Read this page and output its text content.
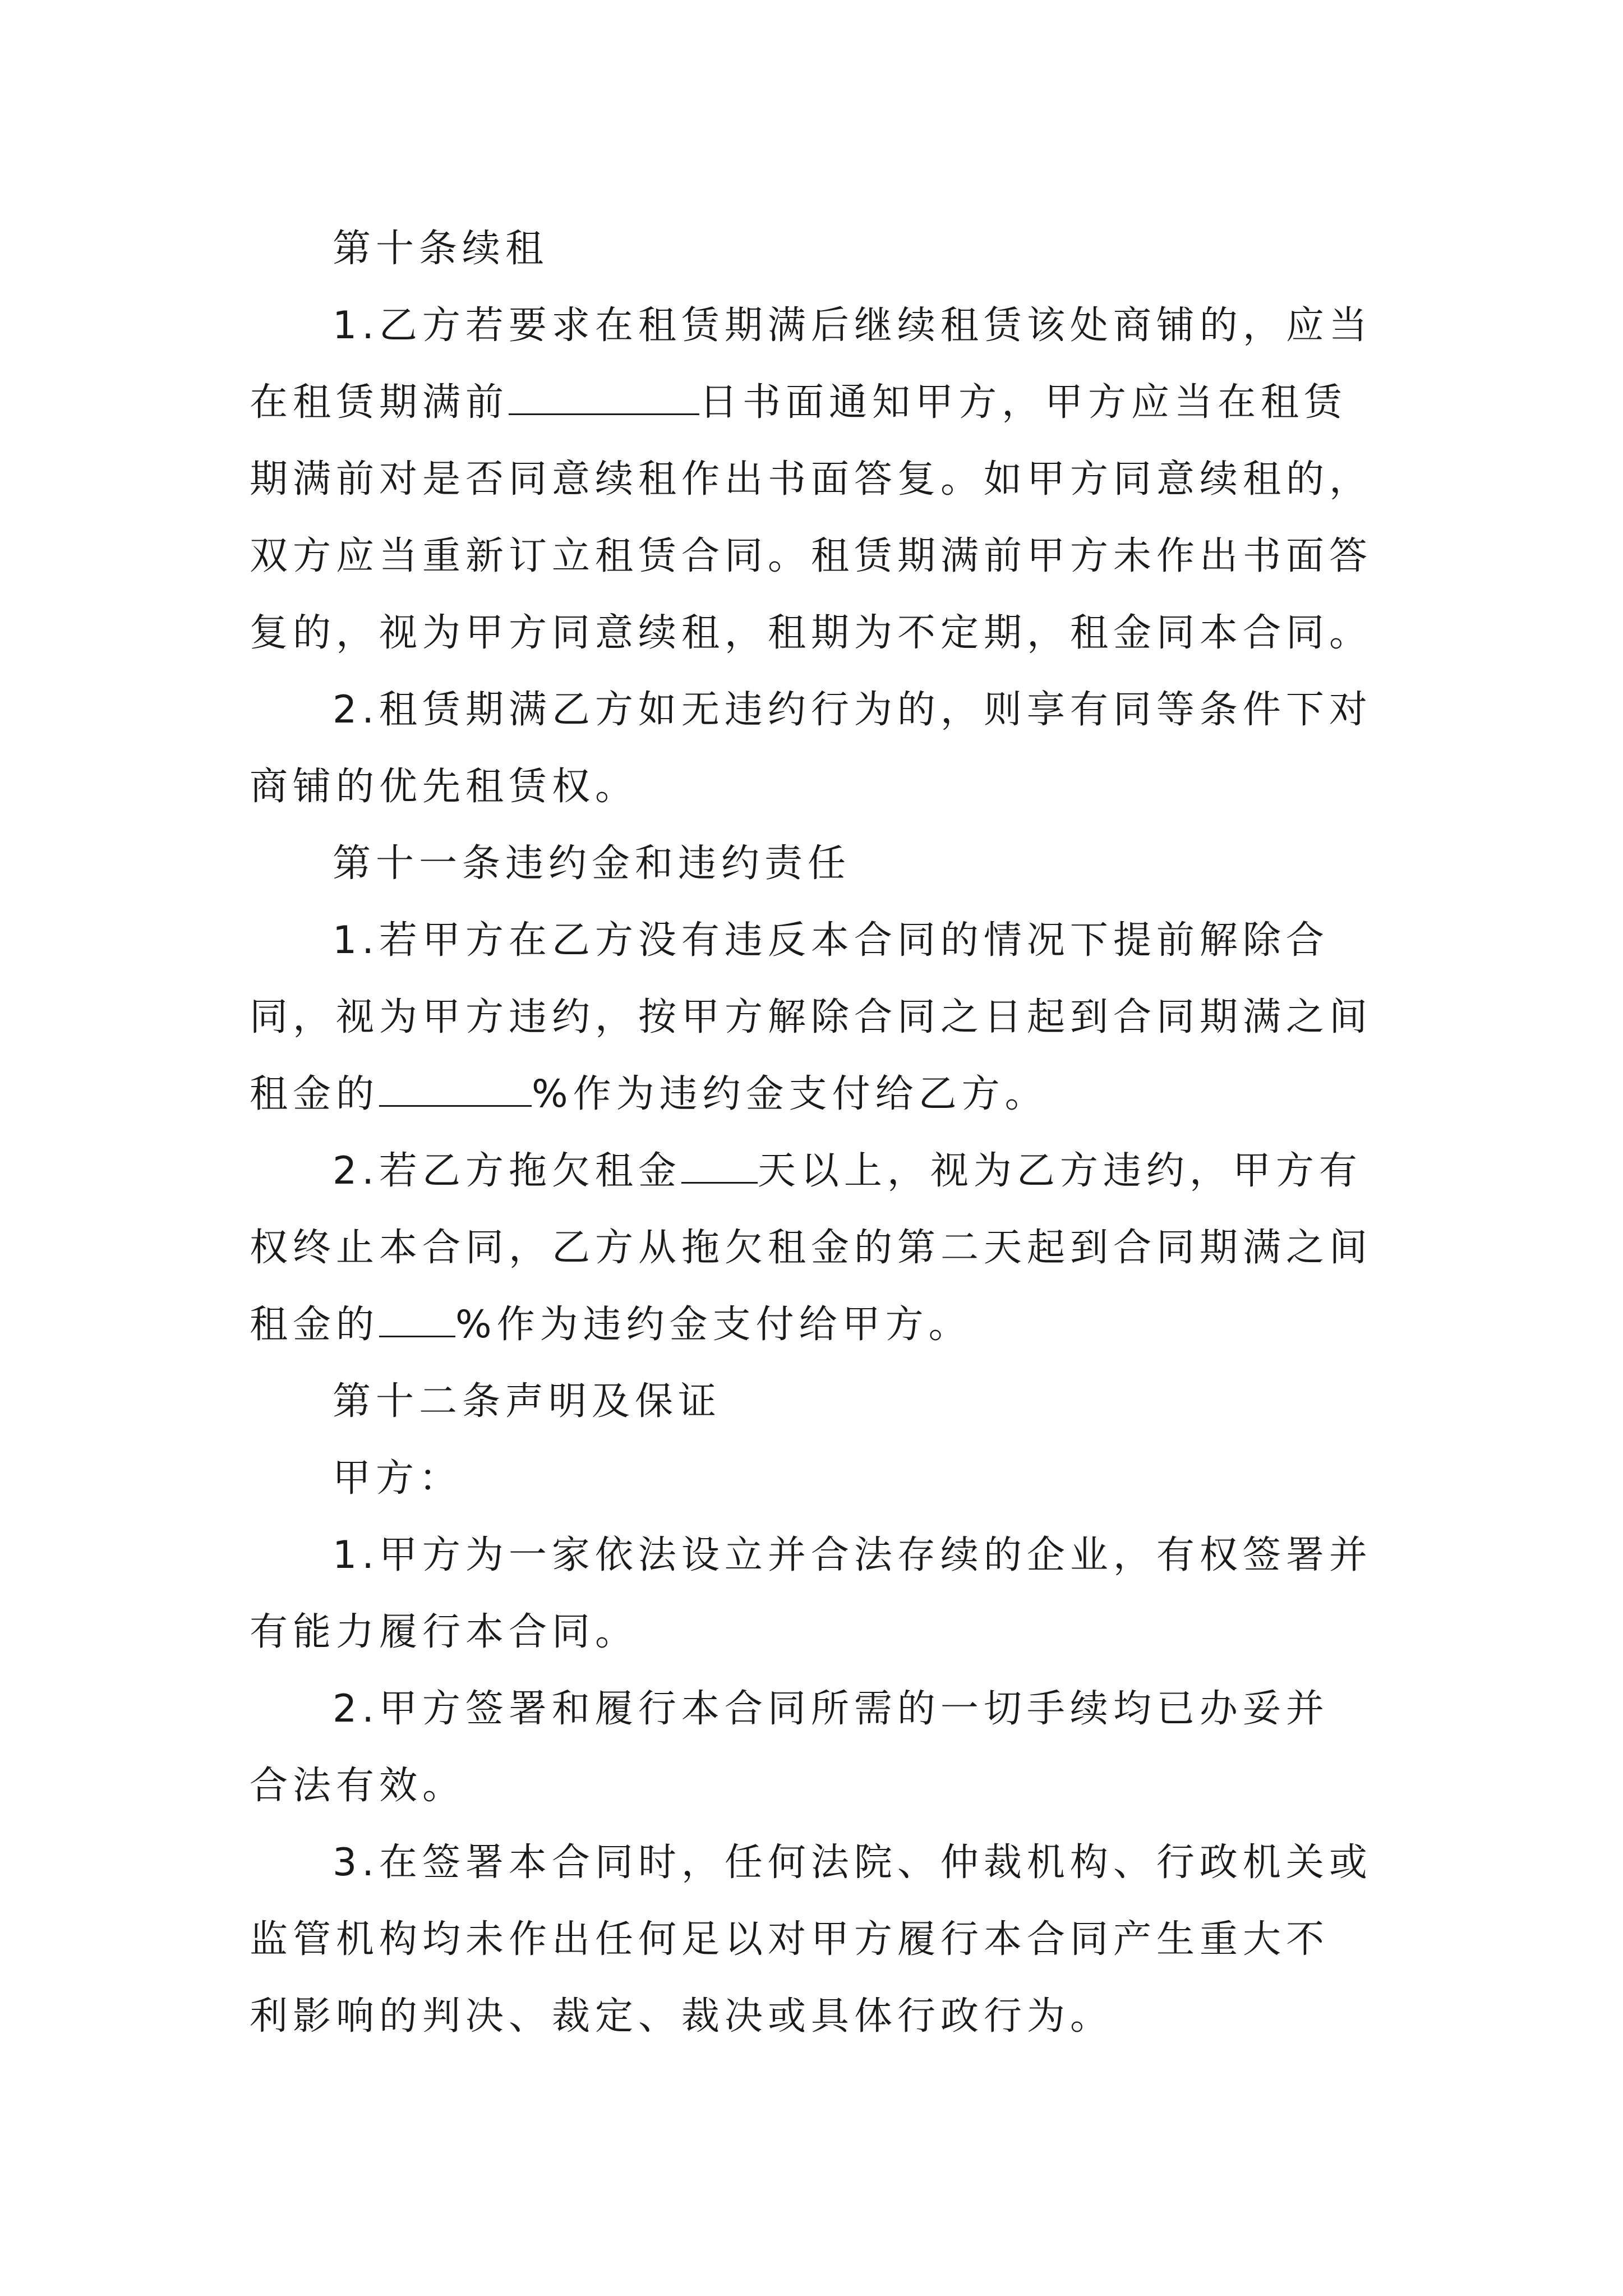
第十条续租
1.乙方若要求在租赁期满后继续租赁该处商铺的，应当
在租赁期满前	日书面通知甲方，甲方应当在租赁
期满前对是否同意续租作出书面答复。如甲方同意续租的，
双方应当重新订立租赁合同。租赁期满前甲方未作出书面答
复的，视为甲方同意续租，租期为不定期，租金同本合同。
2.租赁期满乙方如无违约行为的，则享有同等条件下对
商铺的优先租赁权。
第十一条违约金和违约责任
1.若甲方在乙方没有违反本合同的情况下提前解除合
同，视为甲方违约，按甲方解除合同之日起到合同期满之间
租金的	%作为违约金支付给乙方。
2.若乙方拖欠租金 天以上，视为乙方违约，甲方有
权终止本合同，乙方从拖欠租金的第二天起到合同期满之间
租金的 %作为违约金支付给甲方。
第十二条声明及保证
甲方：
1.甲方为一家依法设立并合法存续的企业，有权签署并
有能力履行本合同。
2.甲方签署和履行本合同所需的一切手续均已办妥并
合法有效。
3.在签署本合同时，任何法院、仲裁机构、行政机关或
监管机构均未作出任何足以对甲方履行本合同产生重大不
利影响的判决、裁定、裁决或具体行政行为。
